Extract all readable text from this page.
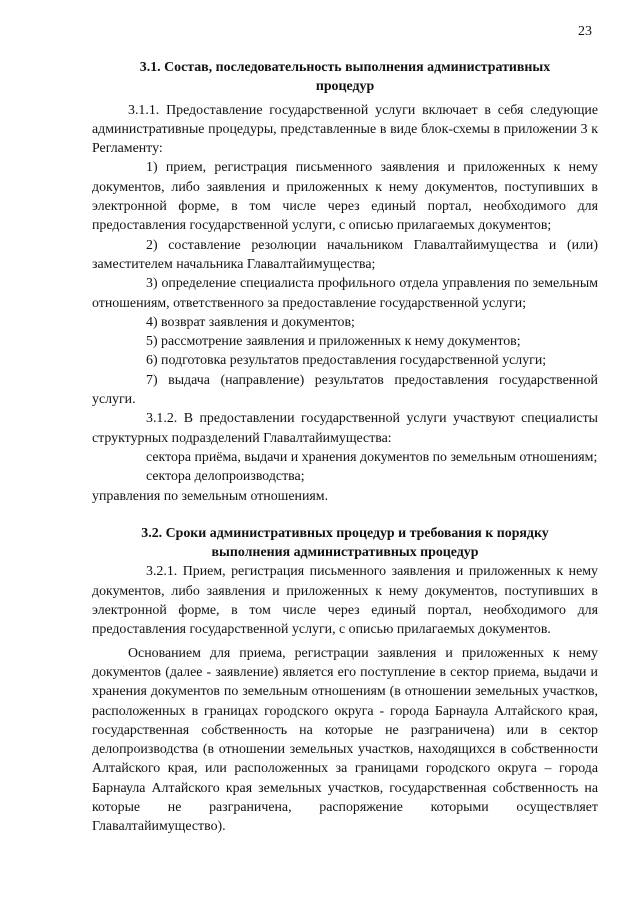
23

3.1. Состав, последовательность выполнения административных
процедур

3.1.1. Предоставление государственной услуги включает в себя следующие административные процедуры, представленные в виде блок-схемы в приложении 3 к Регламенту:

1) прием, регистрация письменного заявления и приложенных к нему документов, либо заявления и приложенных к нему документов, поступивших в электронной форме, в том числе через единый портал, необходимого для предоставления государственной услуги, с описью прилагаемых документов;

2) составление резолюции начальником Главалтайимущества и (или) заместителем начальника Главалтайимущества;

3) определение специалиста профильного отдела управления по земельным отношениям, ответственного за предоставление государственной услуги;

4) возврат заявления и документов;

5) рассмотрение заявления и приложенных к нему документов;

6) подготовка результатов предоставления государственной услуги;

7) выдача (направление) результатов предоставления государственной услуги.

3.1.2. В предоставлении государственной услуги участвуют специалисты структурных подразделений Главалтайимущества:

сектора приёма, выдачи и хранения документов по земельным отношениям;

сектора делопроизводства;

управления по земельным отношениям.

3.2. Сроки административных процедур и требования к порядку
выполнения административных процедур

3.2.1. Прием, регистрация письменного заявления и приложенных к нему документов, либо заявления и приложенных к нему документов, поступивших в электронной форме, в том числе через единый портал, необходимого для предоставления государственной услуги, с описью прилагаемых документов.

Основанием для приема, регистрации заявления и приложенных к нему документов (далее - заявление) является его поступление в сектор приема, выдачи и хранения документов по земельным отношениям (в отношении земельных участков, расположенных в границах городского округа - города Барнаула Алтайского края, государственная собственность на которые не разграничена) или в сектор делопроизводства (в отношении земельных участков, находящихся в собственности Алтайского края, или расположенных за границами городского округа – города Барнаула Алтайского края земельных участков, государственная собственность на которые не разграничена, распоряжение которыми осуществляет Главалтайимущество).
